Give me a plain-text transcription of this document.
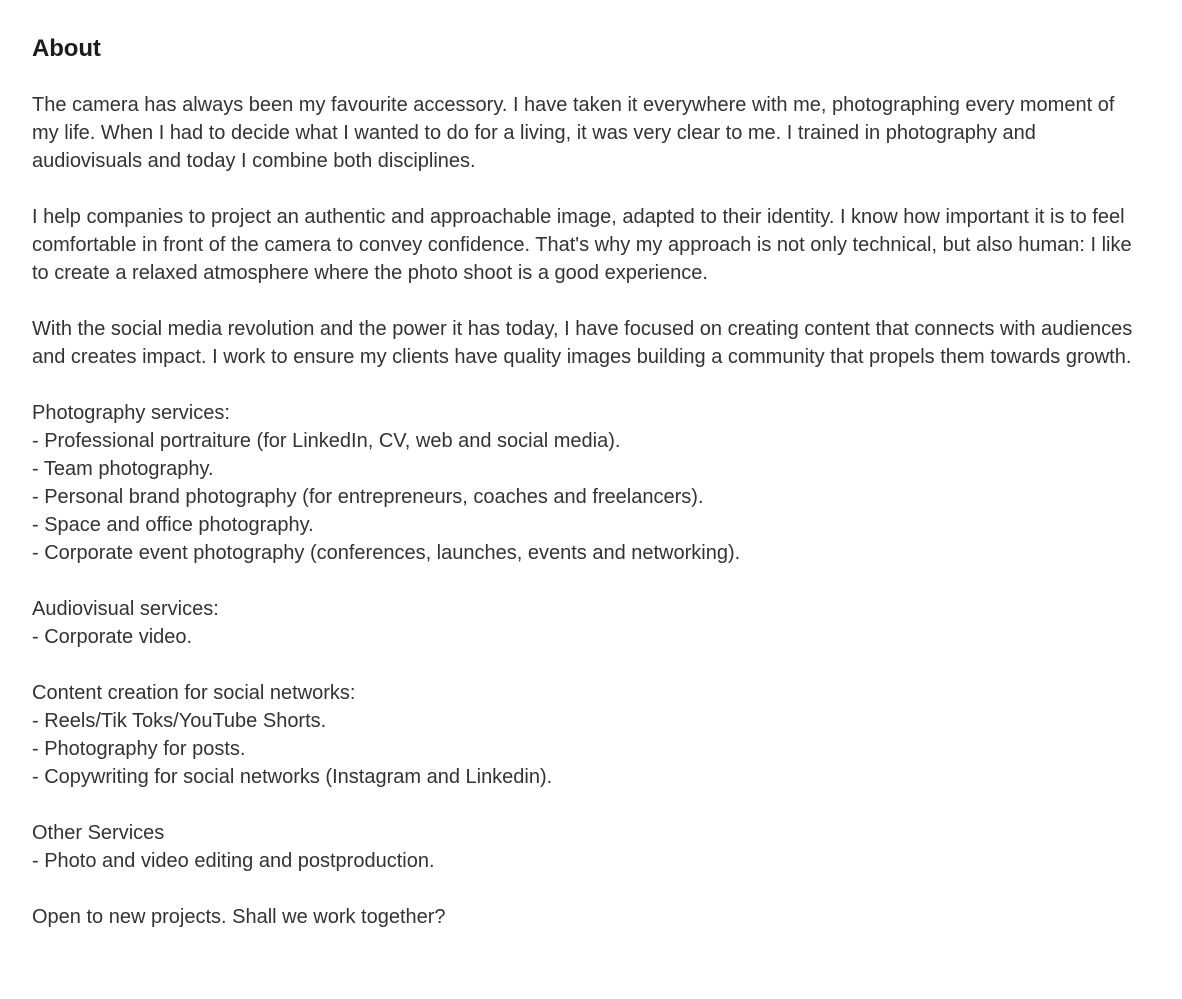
About

The camera has always been my favourite accessory. I have taken it everywhere with me, photographing every moment of my life. When I had to decide what I wanted to do for a living, it was very clear to me. I trained in photography and audiovisuals and today I combine both disciplines.

I help companies to project an authentic and approachable image, adapted to their identity. I know how important it is to feel comfortable in front of the camera to convey confidence. That's why my approach is not only technical, but also human: I like to create a relaxed atmosphere where the photo shoot is a good experience.

With the social media revolution and the power it has today, I have focused on creating content that connects with audiences and creates impact. I work to ensure my clients have quality images building a community that propels them towards growth.

Photography services:
- Professional portraiture (for LinkedIn, CV, web and social media).
- Team photography.
- Personal brand photography (for entrepreneurs, coaches and freelancers).
- Space and office photography.
- Corporate event photography (conferences, launches, events and networking).
Audiovisual services:
- Corporate video.
Content creation for social networks:
- Reels/Tik Toks/YouTube Shorts.
- Photography for posts.
- Copywriting for social networks (Instagram and Linkedin).
Other Services
- Photo and video editing and postproduction.

Open to new projects. Shall we work together?
